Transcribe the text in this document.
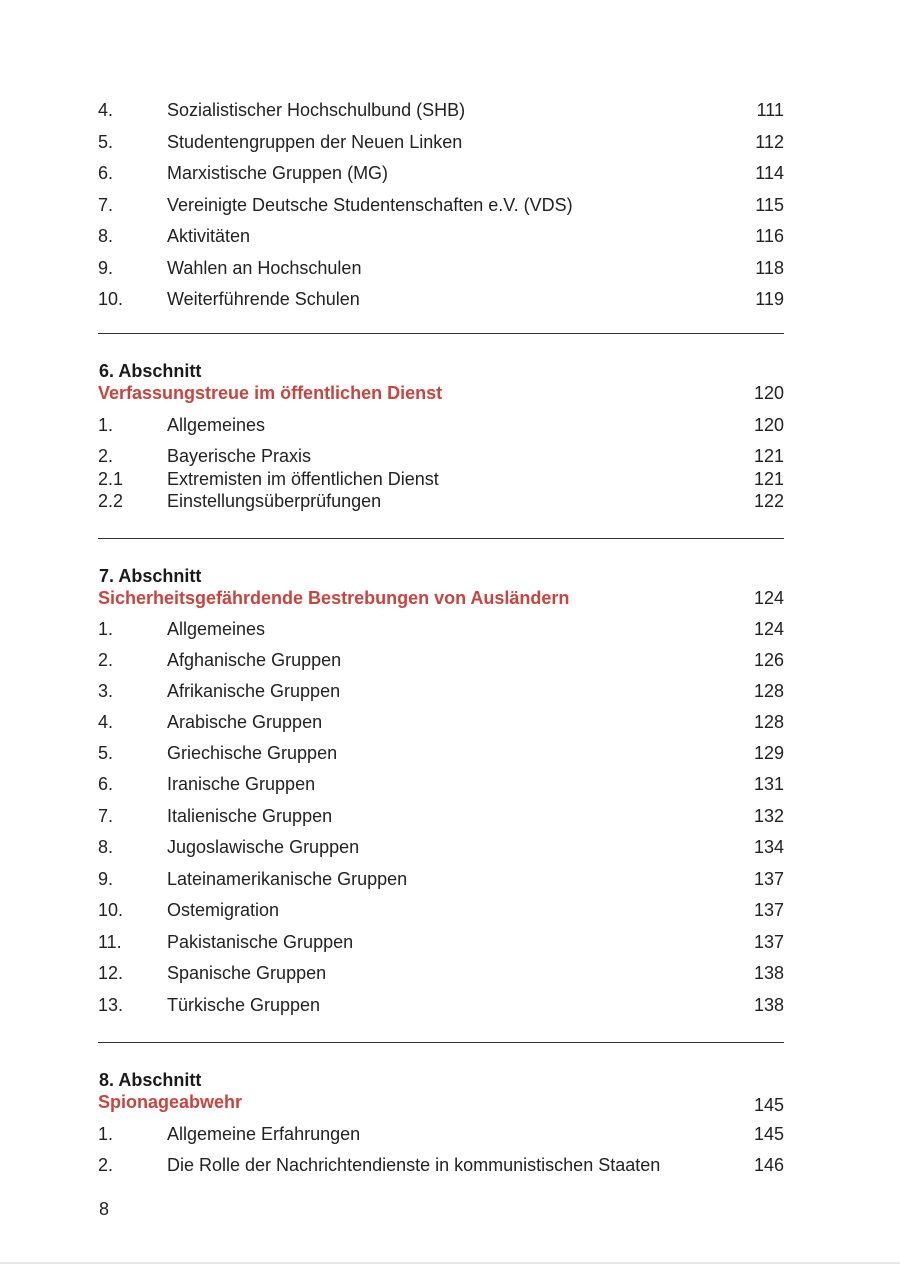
4.	Sozialistischer Hochschulbund (SHB)	111
5.	Studentengruppen der Neuen Linken	112
6.	Marxistische Gruppen (MG)	114
7.	Vereinigte Deutsche Studentenschaften e.V. (VDS)	115
8.	Aktivitäten	116
9.	Wahlen an Hochschulen	118
10. Weiterführende Schulen	119
6. Abschnitt
Verfassungstreue im öffentlichen Dienst	120
1.	Allgemeines	120
2.	Bayerische Praxis	121
2.1 Extremisten im öffentlichen Dienst	121
2.2 Einstellungsüberprüfungen	122
7. Abschnitt
Sicherheitsgefährdende Bestrebungen von Ausländern	124
1.	Allgemeines	124
2.	Afghanische Gruppen	126
3.	Afrikanische Gruppen	128
4.	Arabische Gruppen	128
5.	Griechische Gruppen	129
6.	Iranische Gruppen	131
7.	Italienische Gruppen	132
8.	Jugoslawische Gruppen	134
9.	Lateinamerikanische Gruppen	137
10. Ostemigration	137
11.	Pakistanische Gruppen	137
12. Spanische Gruppen	138
13. Türkische Gruppen	138
8. Abschnitt
Spionageabwehr	145
1.	Allgemeine Erfahrungen	145
2.	Die Rolle der Nachrichtendienste in kommunistischen Staaten	146
8
